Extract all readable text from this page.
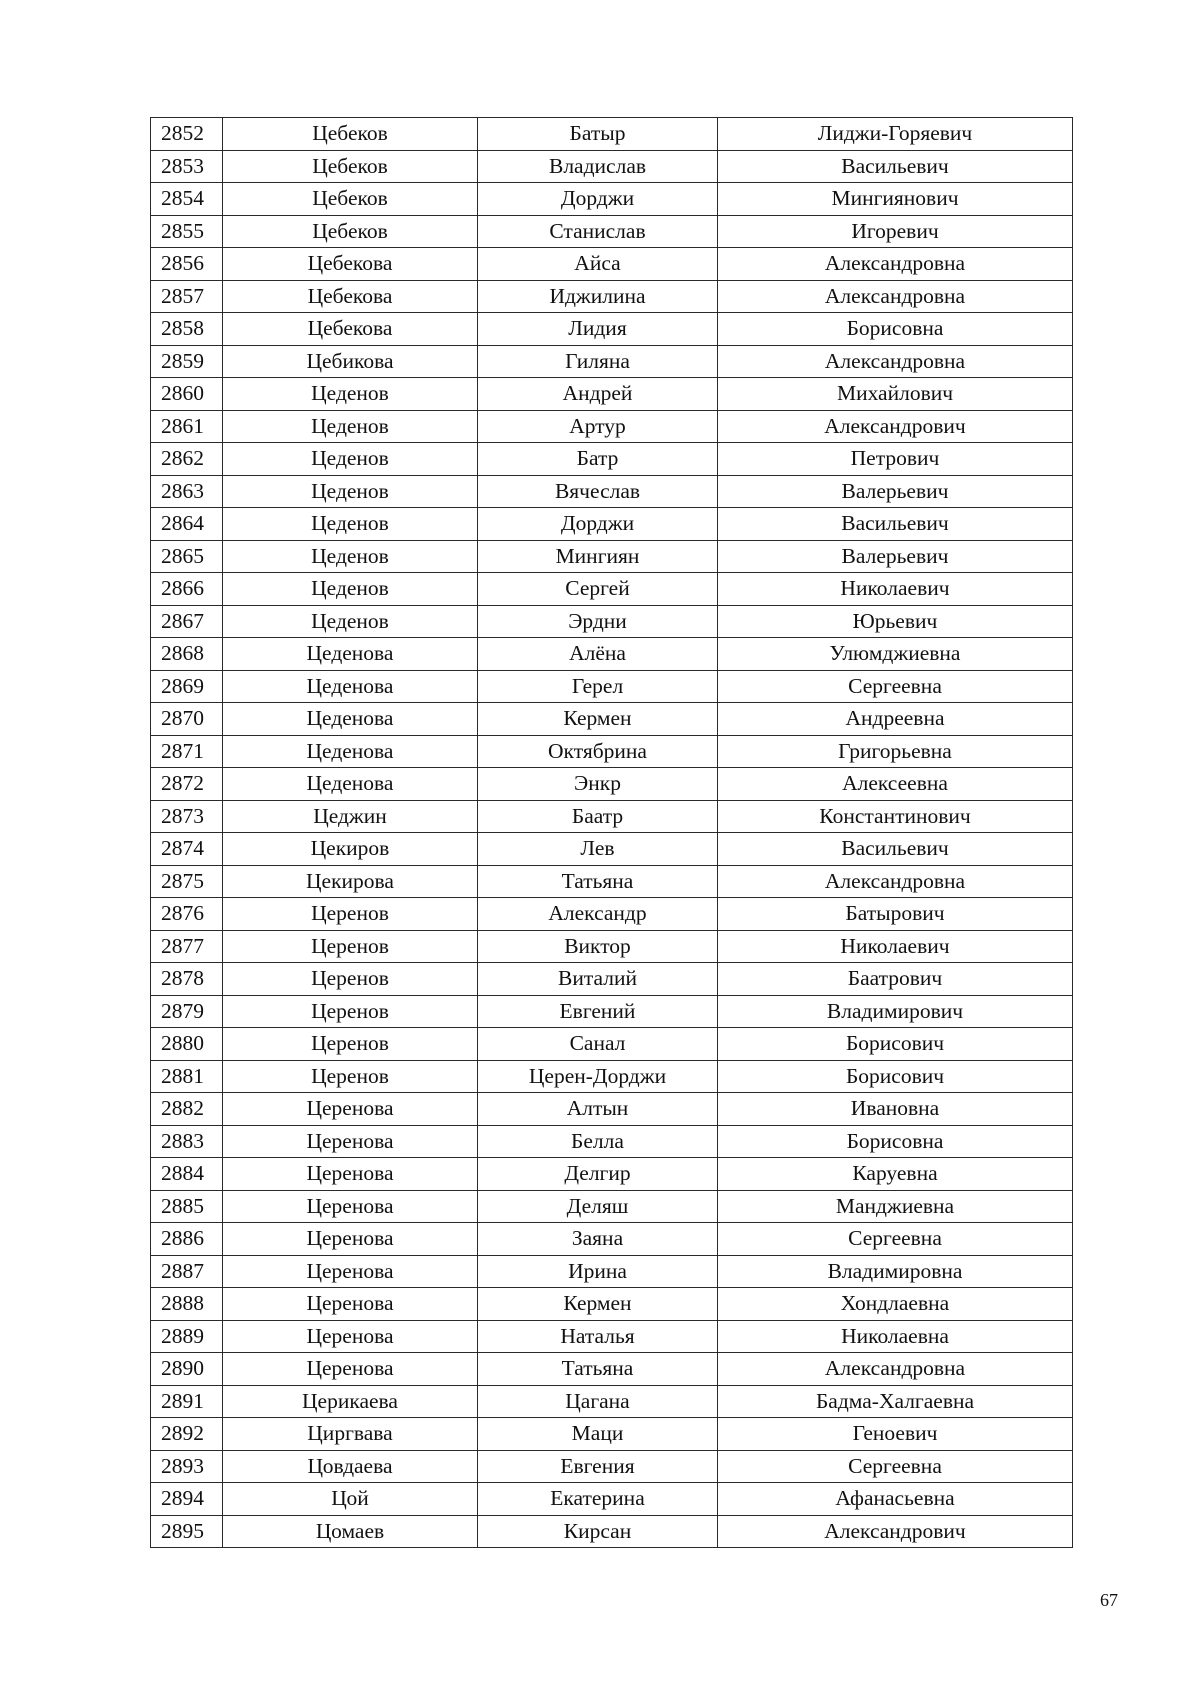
2852	Цебеков	Батыр	Лиджи-Горяевич
2853	Цебеков	Владислав	Васильевич
2854	Цебеков	Дорджи	Мингиянович
2855	Цебеков	Станислав	Игоревич
2856	Цебекова	Айса	Александровна
2857	Цебекова	Иджилина	Александровна
2858	Цебекова	Лидия	Борисовна
2859	Цебикова	Гиляна	Александровна
2860	Цеденов	Андрей	Михайлович
2861	Цеденов	Артур	Александрович
2862	Цеденов	Батр	Петрович
2863	Цеденов	Вячеслав	Валерьевич
2864	Цеденов	Дорджи	Васильевич
2865	Цеденов	Мингиян	Валерьевич
2866	Цеденов	Сергей	Николаевич
2867	Цеденов	Эрдни	Юрьевич
2868	Цеденова	Алёна	Улюмджиевна
2869	Цеденова	Герел	Сергеевна
2870	Цеденова	Кермен	Андреевна
2871	Цеденова	Октябрина	Григорьевна
2872	Цеденова	Энкр	Алексеевна
2873	Цеджин	Баатр	Константинович
2874	Цекиров	Лев	Васильевич
2875	Цекирова	Татьяна	Александровна
2876	Церенов	Александр	Батырович
2877	Церенов	Виктор	Николаевич
2878	Церенов	Виталий	Баатрович
2879	Церенов	Евгений	Владимирович
2880	Церенов	Санал	Борисович
2881	Церенов	Церен-Дорджи	Борисович
2882	Церенова	Алтын	Ивановна
2883	Церенова	Белла	Борисовна
2884	Церенова	Делгир	Каруевна
2885	Церенова	Деляш	Манджиевна
2886	Церенова	Заяна	Сергеевна
2887	Церенова	Ирина	Владимировна
2888	Церенова	Кермен	Хондлаевна
2889	Церенова	Наталья	Николаевна
2890	Церенова	Татьяна	Александровна
2891	Церикаева	Цагана	Бадма-Халгаевна
2892	Циргвава	Маци	Геноевич
2893	Цовдаева	Евгения	Сергеевна
2894	Цой	Екатерина	Афанасьевна
2895	Цомаев	Кирсан	Александрович
67
